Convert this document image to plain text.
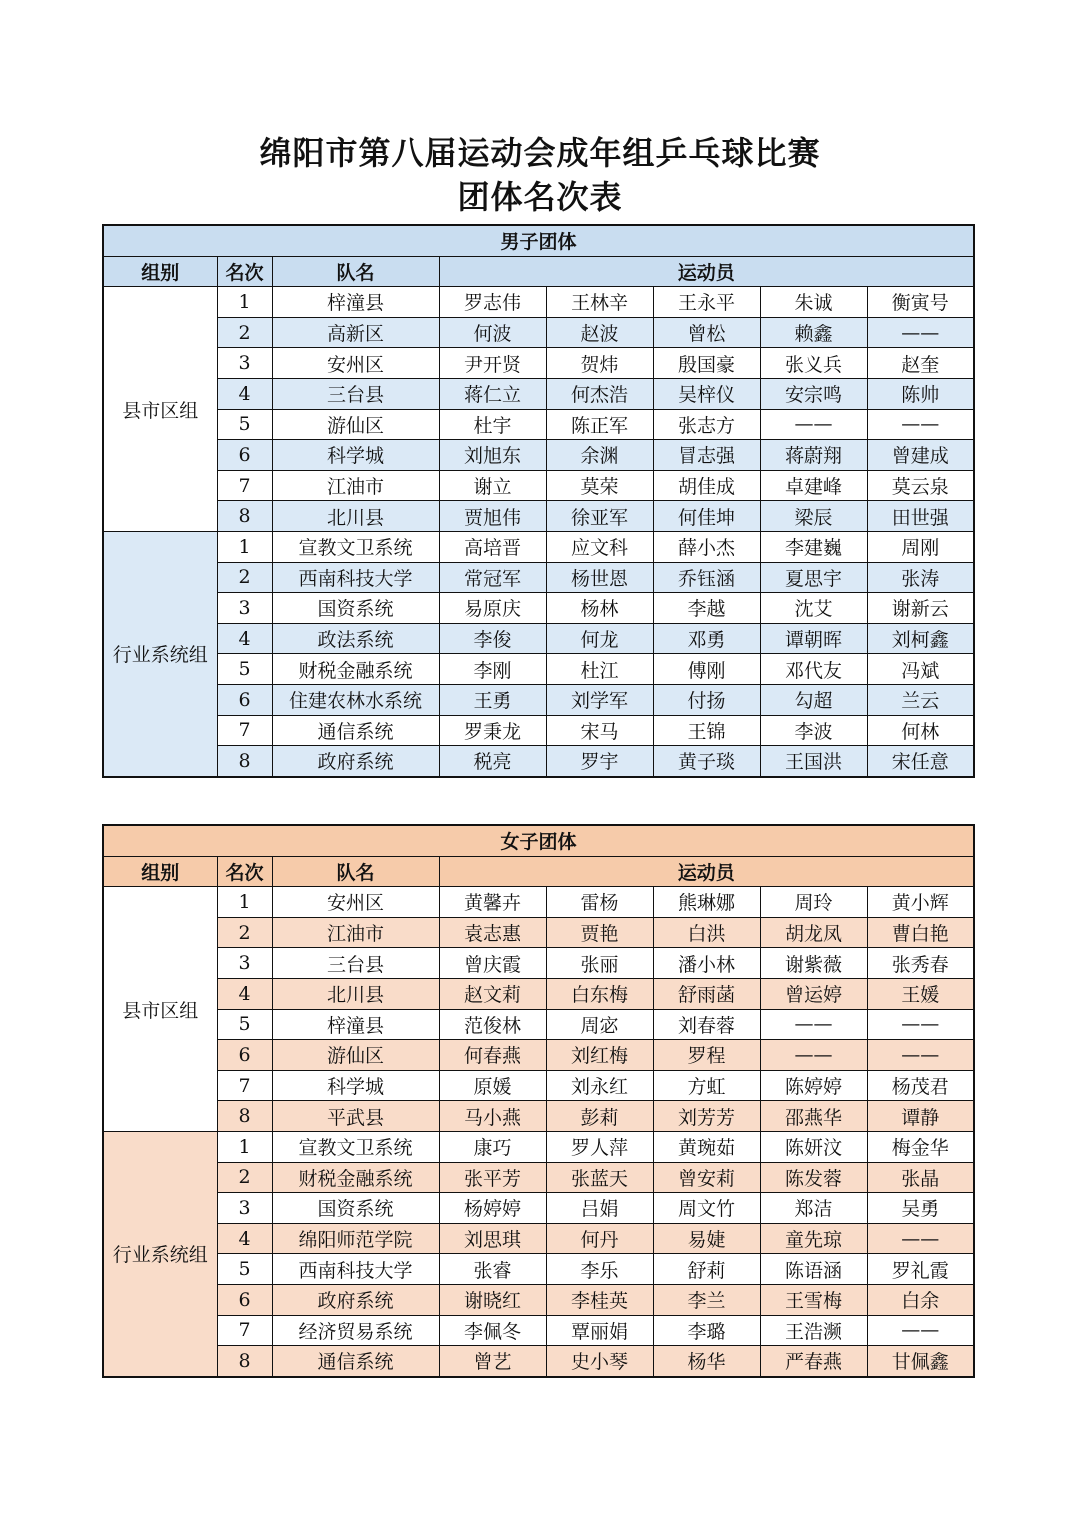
绵阳市第八届运动会成年组乒乓球比赛
团体名次表
男子团体							
组别	名次	队名	运动员				
县市区组	1	梓潼县	罗志伟	王林辛	王永平	朱诚	衡寅号
	2	高新区	何波	赵波	曾松	赖鑫	——
	3	安州区	尹开贤	贺炜	殷国豪	张义兵	赵奎
	4	三台县	蒋仁立	何杰浩	吴梓仪	安宗鸣	陈帅
	5	游仙区	杜宇	陈正军	张志方	——	——
	6	科学城	刘旭东	余渊	冒志强	蒋蔚翔	曾建成
	7	江油市	谢立	莫荣	胡佳成	卓建峰	莫云泉
	8	北川县	贾旭伟	徐亚军	何佳坤	梁辰	田世强
行业系统组	1	宣教文卫系统	高培晋	应文科	薛小杰	李建巍	周刚
	2	西南科技大学	常冠军	杨世恩	乔钰涵	夏思宇	张涛
	3	国资系统	易原庆	杨林	李越	沈艾	谢新云
	4	政法系统	李俊	何龙	邓勇	谭朝晖	刘柯鑫
	5	财税金融系统	李刚	杜江	傅刚	邓代友	冯斌
	6	住建农林水系统	王勇	刘学军	付扬	勾超	兰云
	7	通信系统	罗秉龙	宋马	王锦	李波	何林
	8	政府系统	税亮	罗宇	黄子琰	王国洪	宋任意
女子团体							
组别	名次	队名	运动员				
县市区组	1	安州区	黄馨卉	雷杨	熊琳娜	周玲	黄小辉
	2	江油市	袁志惠	贾艳	白洪	胡龙凤	曹白艳
	3	三台县	曾庆霞	张丽	潘小林	谢紫薇	张秀春
	4	北川县	赵文莉	白东梅	舒雨菡	曾运婷	王媛
	5	梓潼县	范俊林	周宓	刘春蓉	——	——
	6	游仙区	何春燕	刘红梅	罗程	——	——
	7	科学城	原媛	刘永红	方虹	陈婷婷	杨茂君
	8	平武县	马小燕	彭莉	刘芳芳	邵燕华	谭静
行业系统组	1	宣教文卫系统	康巧	罗人萍	黄琬茹	陈妍汶	梅金华
	2	财税金融系统	张平芳	张蓝天	曾安莉	陈发蓉	张晶
	3	国资系统	杨婷婷	吕娟	周文竹	郑洁	吴勇
	4	绵阳师范学院	刘思琪	何丹	易婕	童先琼	——
	5	西南科技大学	张睿	李乐	舒莉	陈语涵	罗礼霞
	6	政府系统	谢晓红	李桂英	李兰	王雪梅	白余
	7	经济贸易系统	李佩冬	覃丽娟	李璐	王浩濒	——
	8	通信系统	曾艺	史小琴	杨华	严春燕	甘佩鑫
